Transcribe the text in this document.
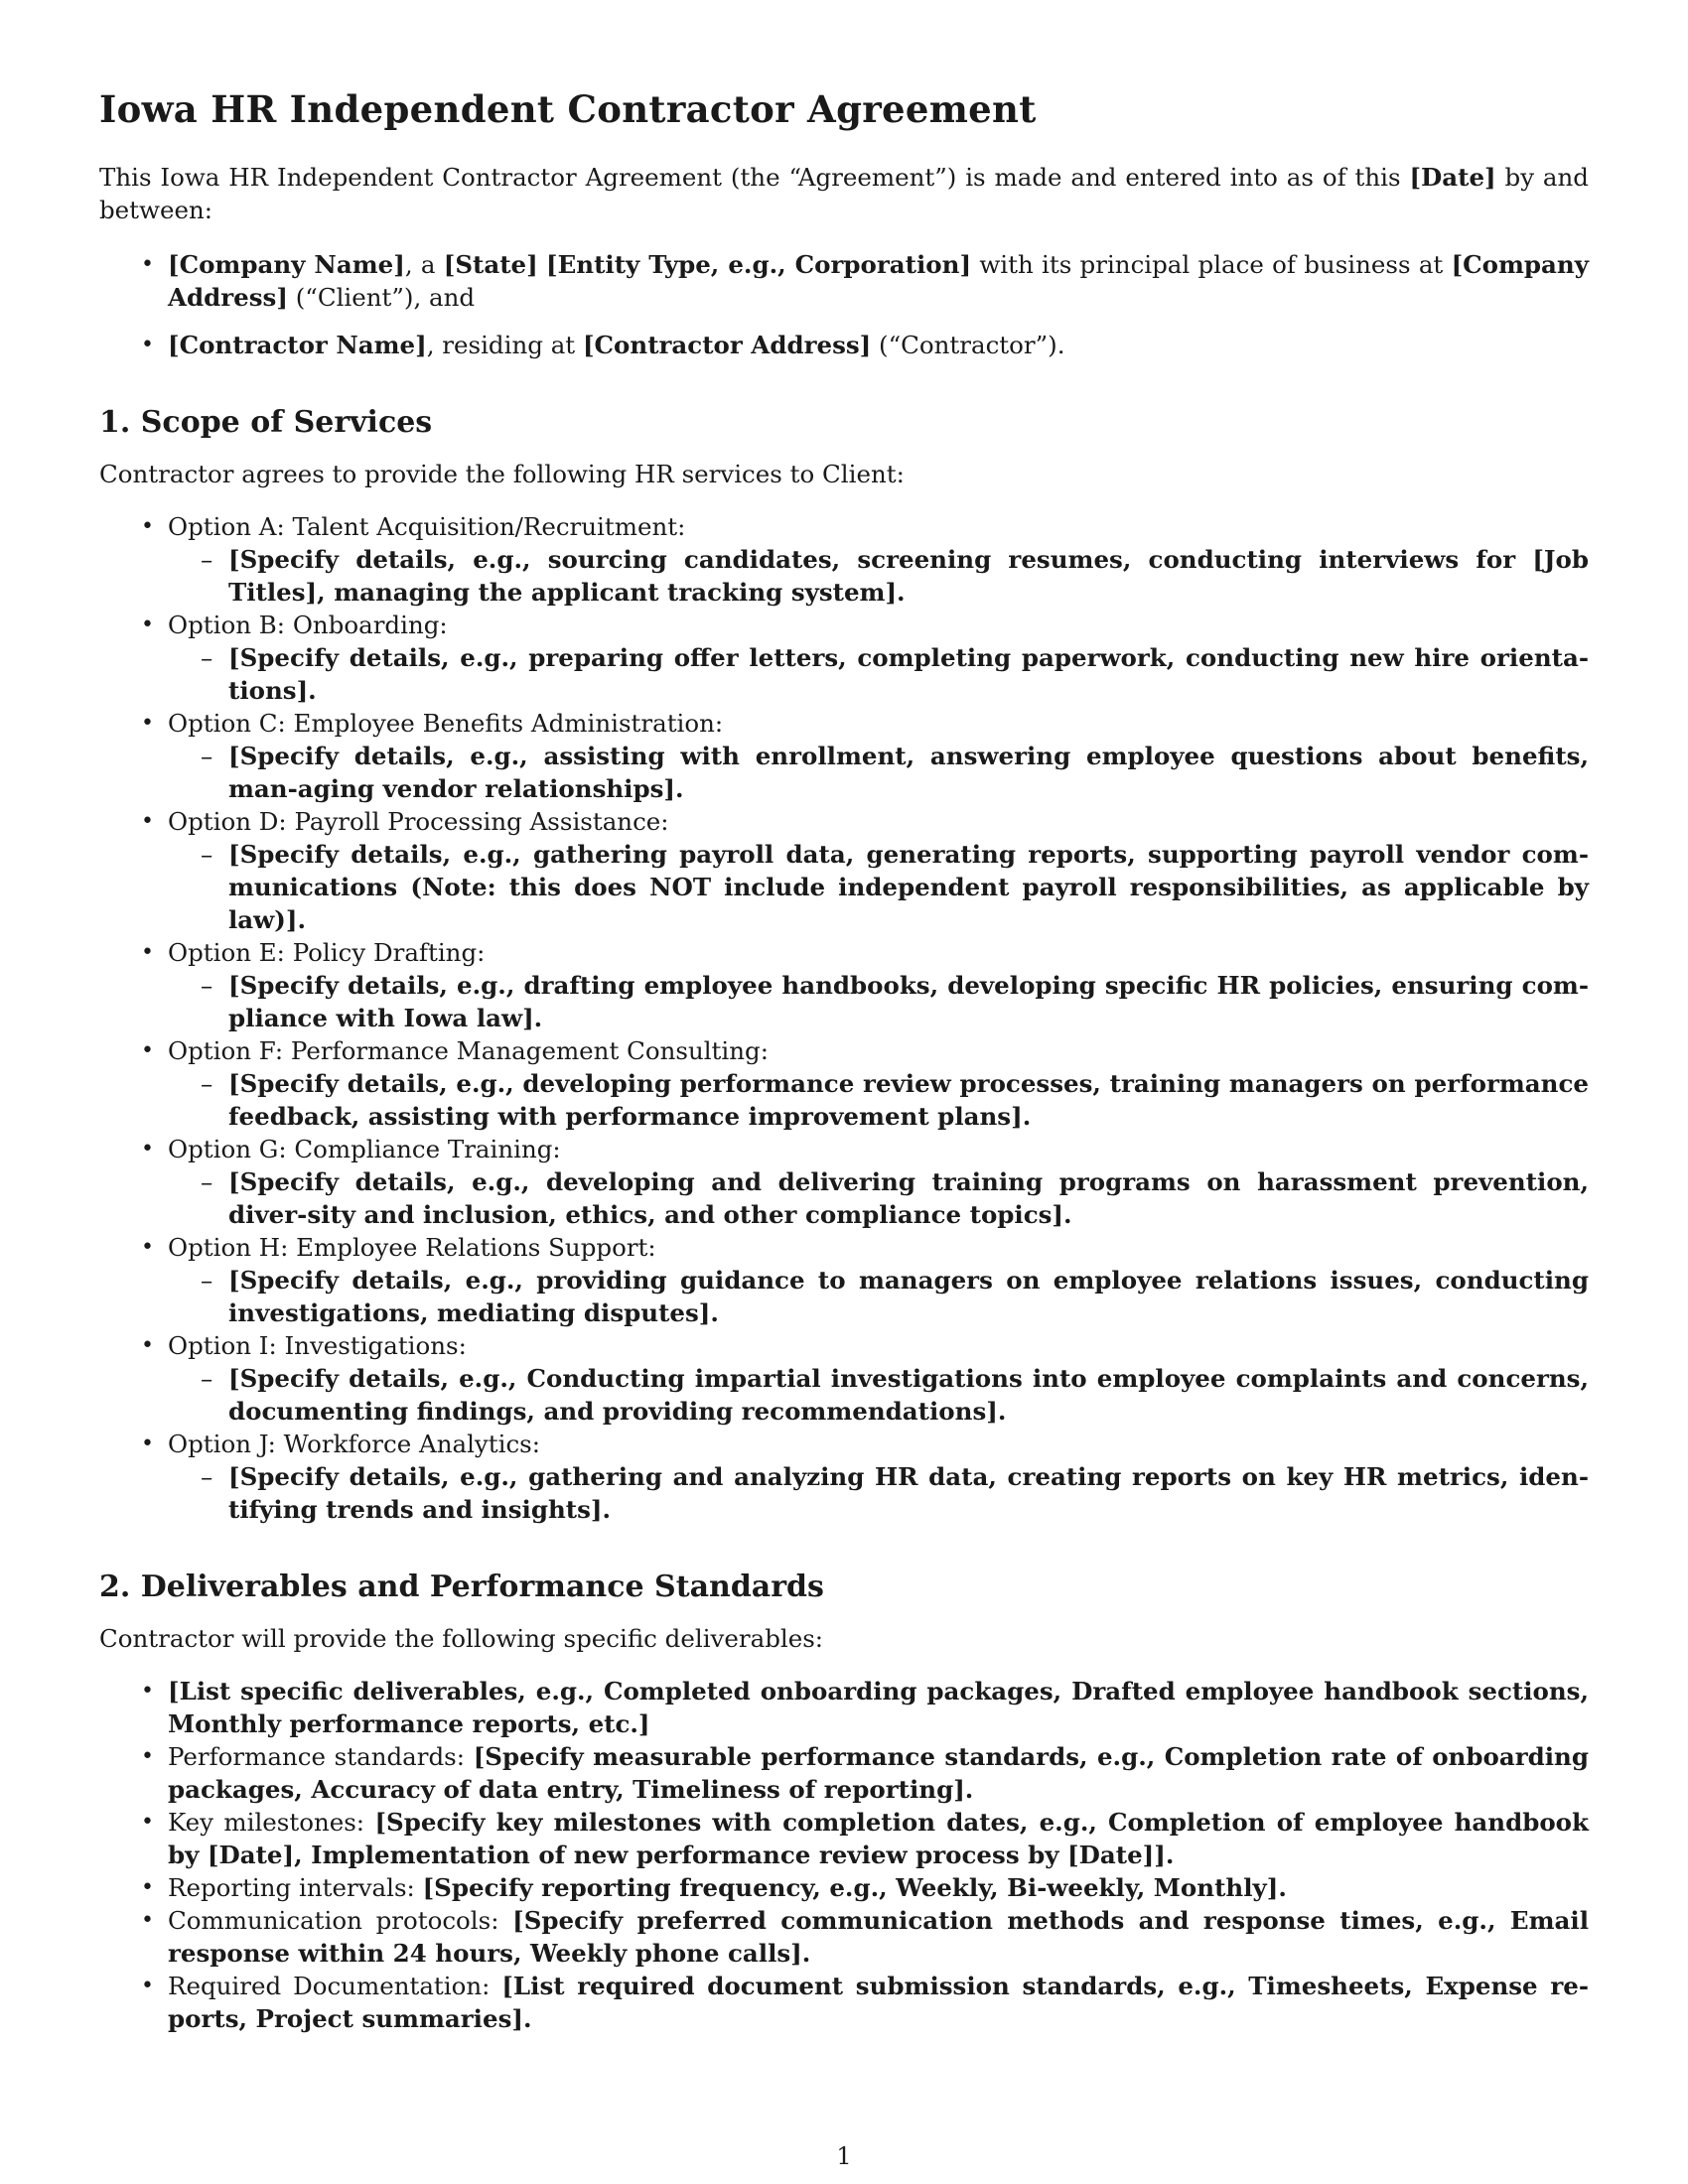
Iowa HR Independent Contractor Agreement

This Iowa HR Independent Contractor Agreement (the “Agreement”) is made and entered into as of this [Date] by and between:

• [Company Name], a [State] [Entity Type, e.g., Corporation] with its principal place of business at [Company Address] (“Client”), and
• [Contractor Name], residing at [Contractor Address] (“Contractor”).
1. Scope of Services

Contractor agrees to provide the following HR services to Client:

• Option A: Talent Acquisition/Recruitment:
– [Specify details, e.g., sourcing candidates, screening resumes, conducting interviews for [Job Titles], managing the applicant tracking system].
• Option B: Onboarding:
– [Specify details, e.g., preparing offer letters, completing paperwork, conducting new hire orienta-tions].
• Option C: Employee Benefits Administration:
– [Specify details, e.g., assisting with enrollment, answering employee questions about benefits, man-aging vendor relationships].
• Option D: Payroll Processing Assistance:
– [Specify details, e.g., gathering payroll data, generating reports, supporting payroll vendor com-munications (Note: this does NOT include independent payroll responsibilities, as applicable by law)].
• Option E: Policy Drafting:
– [Specify details, e.g., drafting employee handbooks, developing specific HR policies, ensuring com-pliance with Iowa law].
• Option F: Performance Management Consulting:
– [Specify details, e.g., developing performance review processes, training managers on performance feedback, assisting with performance improvement plans].
• Option G: Compliance Training:
– [Specify details, e.g., developing and delivering training programs on harassment prevention, diver-sity and inclusion, ethics, and other compliance topics].
• Option H: Employee Relations Support:
– [Specify details, e.g., providing guidance to managers on employee relations issues, conducting investigations, mediating disputes].
• Option I: Investigations:
– [Specify details, e.g., Conducting impartial investigations into employee complaints and concerns, documenting findings, and providing recommendations].
• Option J: Workforce Analytics:
– [Specify details, e.g., gathering and analyzing HR data, creating reports on key HR metrics, iden-tifying trends and insights].
2. Deliverables and Performance Standards

Contractor will provide the following specific deliverables:

• [List specific deliverables, e.g., Completed onboarding packages, Drafted employee handbook sections, Monthly performance reports, etc.]
• Performance standards: [Specify measurable performance standards, e.g., Completion rate of onboarding packages, Accuracy of data entry, Timeliness of reporting].
• Key milestones: [Specify key milestones with completion dates, e.g., Completion of employee handbook by [Date], Implementation of new performance review process by [Date]].
• Reporting intervals: [Specify reporting frequency, e.g., Weekly, Bi-weekly, Monthly].
• Communication protocols: [Specify preferred communication methods and response times, e.g., Email response within 24 hours, Weekly phone calls].
• Required Documentation: [List required document submission standards, e.g., Timesheets, Expense re-ports, Project summaries].
1
